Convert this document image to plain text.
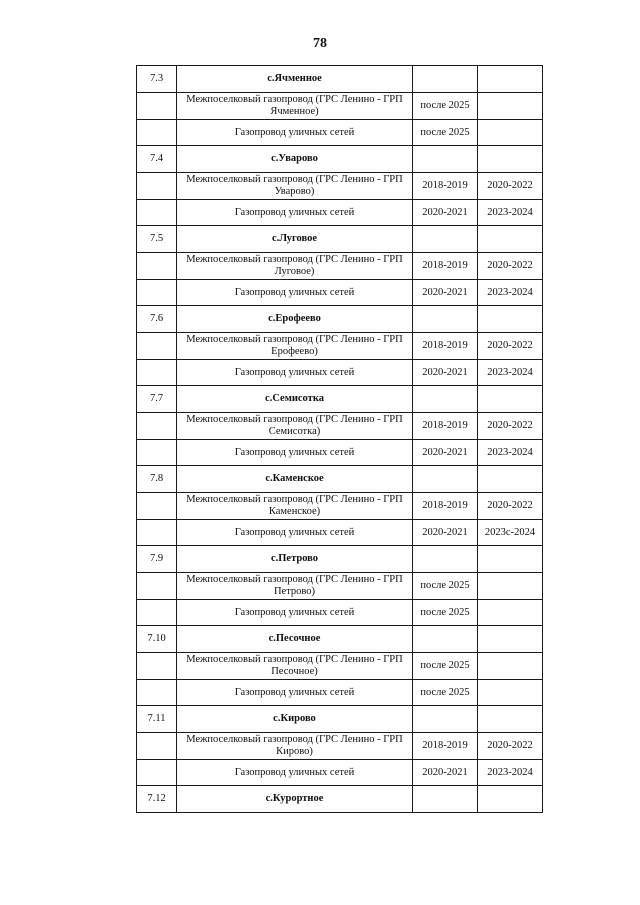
78
7.3	с.Ячменное		
	Межпоселковый газопровод (ГРС Ленино - ГРП Ячменное)	после 2025	
	Газопровод уличных сетей	после 2025	
7.4	с.Уварово		
	Межпоселковый газопровод (ГРС Ленино - ГРП Уварово)	2018-2019	2020-2022
	Газопровод уличных сетей	2020-2021	2023-2024
7.5	с.Луговое		
	Межпоселковый газопровод (ГРС Ленино - ГРП Луговое)	2018-2019	2020-2022
	Газопровод уличных сетей	2020-2021	2023-2024
7.6	с.Ерофеево		
	Межпоселковый газопровод (ГРС Ленино - ГРП Ерофеево)	2018-2019	2020-2022
	Газопровод уличных сетей	2020-2021	2023-2024
7.7	с.Семисотка		
	Межпоселковый газопровод (ГРС Ленино - ГРП Семисотка)	2018-2019	2020-2022
	Газопровод уличных сетей	2020-2021	2023-2024
7.8	с.Каменское		
	Межпоселковый газопровод (ГРС Ленино - ГРП Каменское)	2018-2019	2020-2022
	Газопровод уличных сетей	2020-2021	2023с-2024
7.9	с.Петрово		
	Межпоселковый газопровод (ГРС Ленино - ГРП Петрово)	после 2025	
	Газопровод уличных сетей	после 2025	
7.10	с.Песочное		
	Межпоселковый газопровод (ГРС Ленино - ГРП Песочное)	после 2025	
	Газопровод уличных сетей	после 2025	
7.11	с.Кирово		
	Межпоселковый газопровод (ГРС Ленино - ГРП Кирово)	2018-2019	2020-2022
	Газопровод уличных сетей	2020-2021	2023-2024
7.12	с.Курортное		
